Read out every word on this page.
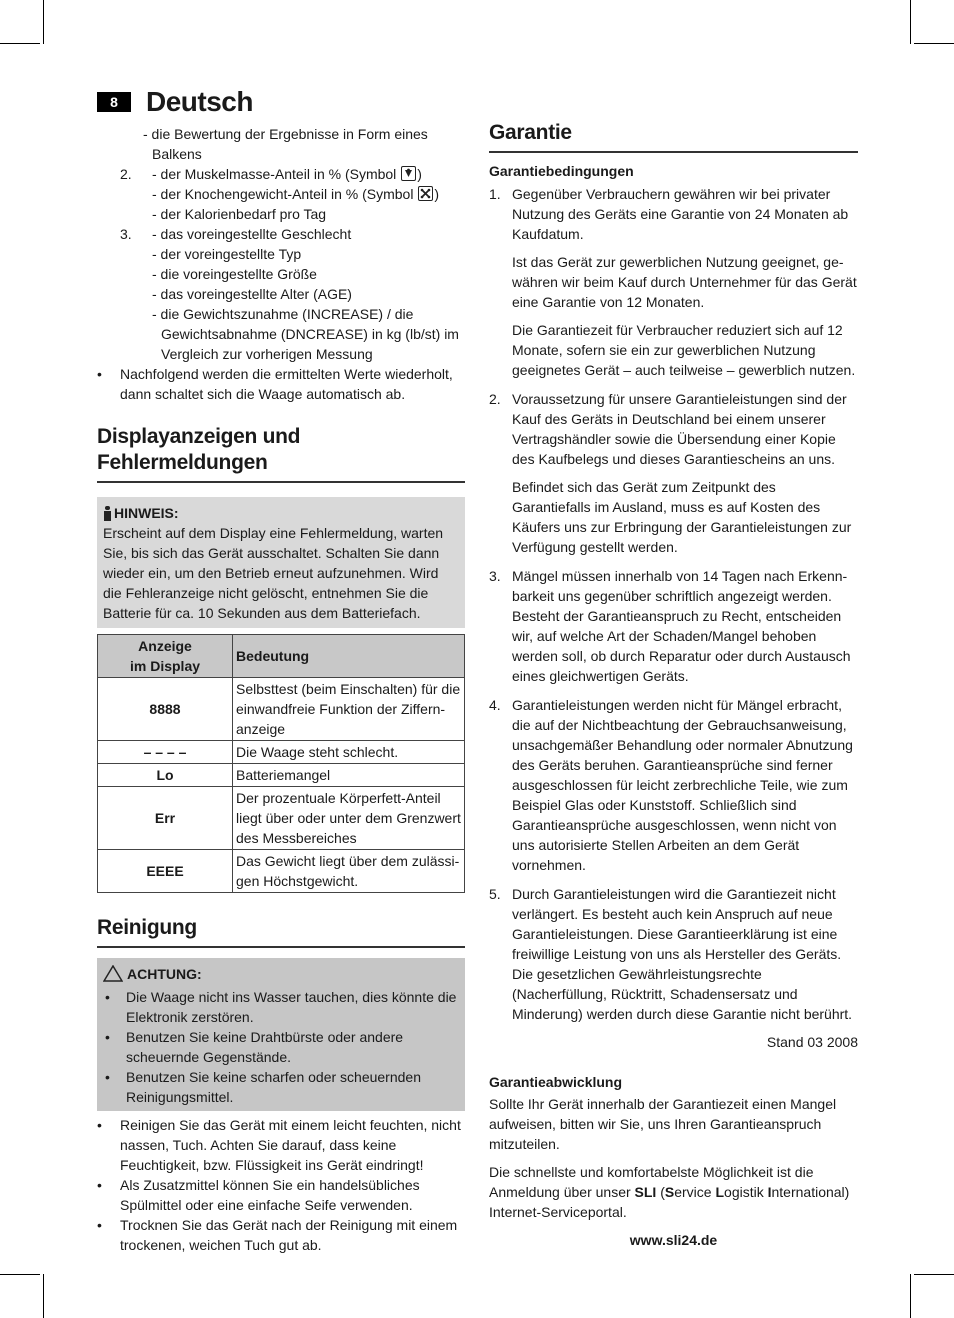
8	Deutsch

- die Bewertung der Ergebnisse in Form eines Balkens

2. - der Muskelmasse-Anteil in % (Symbol
)

- der Knochengewicht-Anteil in % (Symbol
)

- der Kalorienbedarf pro Tag

3. - das voreingestellte Geschlecht

- der voreingestellte Typ

- die voreingestellte Größe

- das voreingestellte Alter (AGE)

- die Gewichtszunahme (INCREASE) / die Gewichtsabnahme (DNCREASE) in kg (lb/st) im Vergleich zur vorherigen Messung

• Nachfolgend werden die ermittelten Werte wiederholt, dann schaltet sich die Waage automatisch ab.

Displayanzeigen und Fehlermeldungen

HINWEIS:

Erscheint auf dem Display eine Fehlermeldung, warten Sie, bis sich das Gerät ausschaltet. Schalten Sie dann wieder ein, um den Betrieb erneut aufzunehmen. Wird die Fehleranzeige nicht gelöscht, entnehmen Sie die Batterie für ca. 10 Sekunden aus dem Batteriefach.

Anzeige
im Display	Bedeutung
8888	Selbsttest (beim Einschalten) für die einwandfreie Funktion der Ziffernanzeige
– – – –	Die Waage steht schlecht.
Lo	Batteriemangel
Err	Der prozentuale Körperfett-Anteil liegt über oder unter dem Grenzwert des Messbereiches
EEEE	Das Gewicht liegt über dem zulässigen Höchstgewicht.
Reinigung

ACHTUNG:

• Die Waage nicht ins Wasser tauchen, dies könnte die Elektronik zerstören.

• Benutzen Sie keine Drahtbürste oder andere scheuernde Gegenstände.

• Benutzen Sie keine scharfen oder scheuernden Reinigungsmittel.

• Reinigen Sie das Gerät mit einem leicht feuchten, nicht nassen, Tuch. Achten Sie darauf, dass keine Feuchtigkeit, bzw. Flüssigkeit ins Gerät eindringt!

• Als Zusatzmittel können Sie ein handelsübliches Spülmittel oder eine einfache Seife verwenden.

• Trocknen Sie das Gerät nach der Reinigung mit einem trockenen, weichen Tuch gut ab.

Garantie

Garantiebedingungen

1. Gegenüber Verbrauchern gewähren wir bei privater Nutzung des Geräts eine Garantie von 24 Monaten ab Kaufdatum.

Ist das Gerät zur gewerblichen Nutzung geeignet, gewähren wir beim Kauf durch Unternehmer für das Gerät eine Garantie von 12 Monaten.

Die Garantiezeit für Verbraucher reduziert sich auf 12 Monate, sofern sie ein zur gewerblichen Nutzung geeignetes Gerät – auch teilweise – gewerblich nutzen.

2. Voraussetzung für unsere Garantieleistungen sind der Kauf des Geräts in Deutschland bei einem unserer Vertragshändler sowie die Übersendung einer Kopie des Kaufbelegs und dieses Garantiescheins an uns.

Befindet sich das Gerät zum Zeitpunkt des Garantiefalls im Ausland, muss es auf Kosten des Käufers uns zur Erbringung der Garantieleistungen zur Verfügung gestellt werden.

3. Mängel müssen innerhalb von 14 Tagen nach Erkennbarkeit uns gegenüber schriftlich angezeigt werden. Besteht der Garantieanspruch zu Recht, entscheiden wir, auf welche Art der Schaden/Mangel behoben werden soll, ob durch Reparatur oder durch Austausch eines gleichwertigen Geräts.

4. Garantieleistungen werden nicht für Mängel erbracht, die auf der Nichtbeachtung der Gebrauchsanweisung, unsachgemäßer Behandlung oder normaler Abnutzung des Geräts beruhen. Garantieansprüche sind ferner ausgeschlossen für leicht zerbrechliche Teile, wie zum Beispiel Glas oder Kunststoff. Schließlich sind Garantieansprüche ausgeschlossen, wenn nicht von uns autorisierte Stellen Arbeiten an dem Gerät vornehmen.

5. Durch Garantieleistungen wird die Garantiezeit nicht verlängert. Es besteht auch kein Anspruch auf neue Garantieleistungen. Diese Garantieerklärung ist eine freiwillige Leistung von uns als Hersteller des Geräts. Die gesetzlichen Gewährleistungsrechte (Nacherfüllung, Rücktritt, Schadensersatz und Minderung) werden durch diese Garantie nicht berührt.

Stand 03 2008

Garantieabwicklung

Sollte Ihr Gerät innerhalb der Garantiezeit einen Mangel aufweisen, bitten wir Sie, uns Ihren Garantieanspruch mitzuteilen.

Die schnellste und komfortabelste Möglichkeit ist die Anmeldung über unser SLI (Service Logistik International) Internet-Serviceportal.

www.sli24.de
